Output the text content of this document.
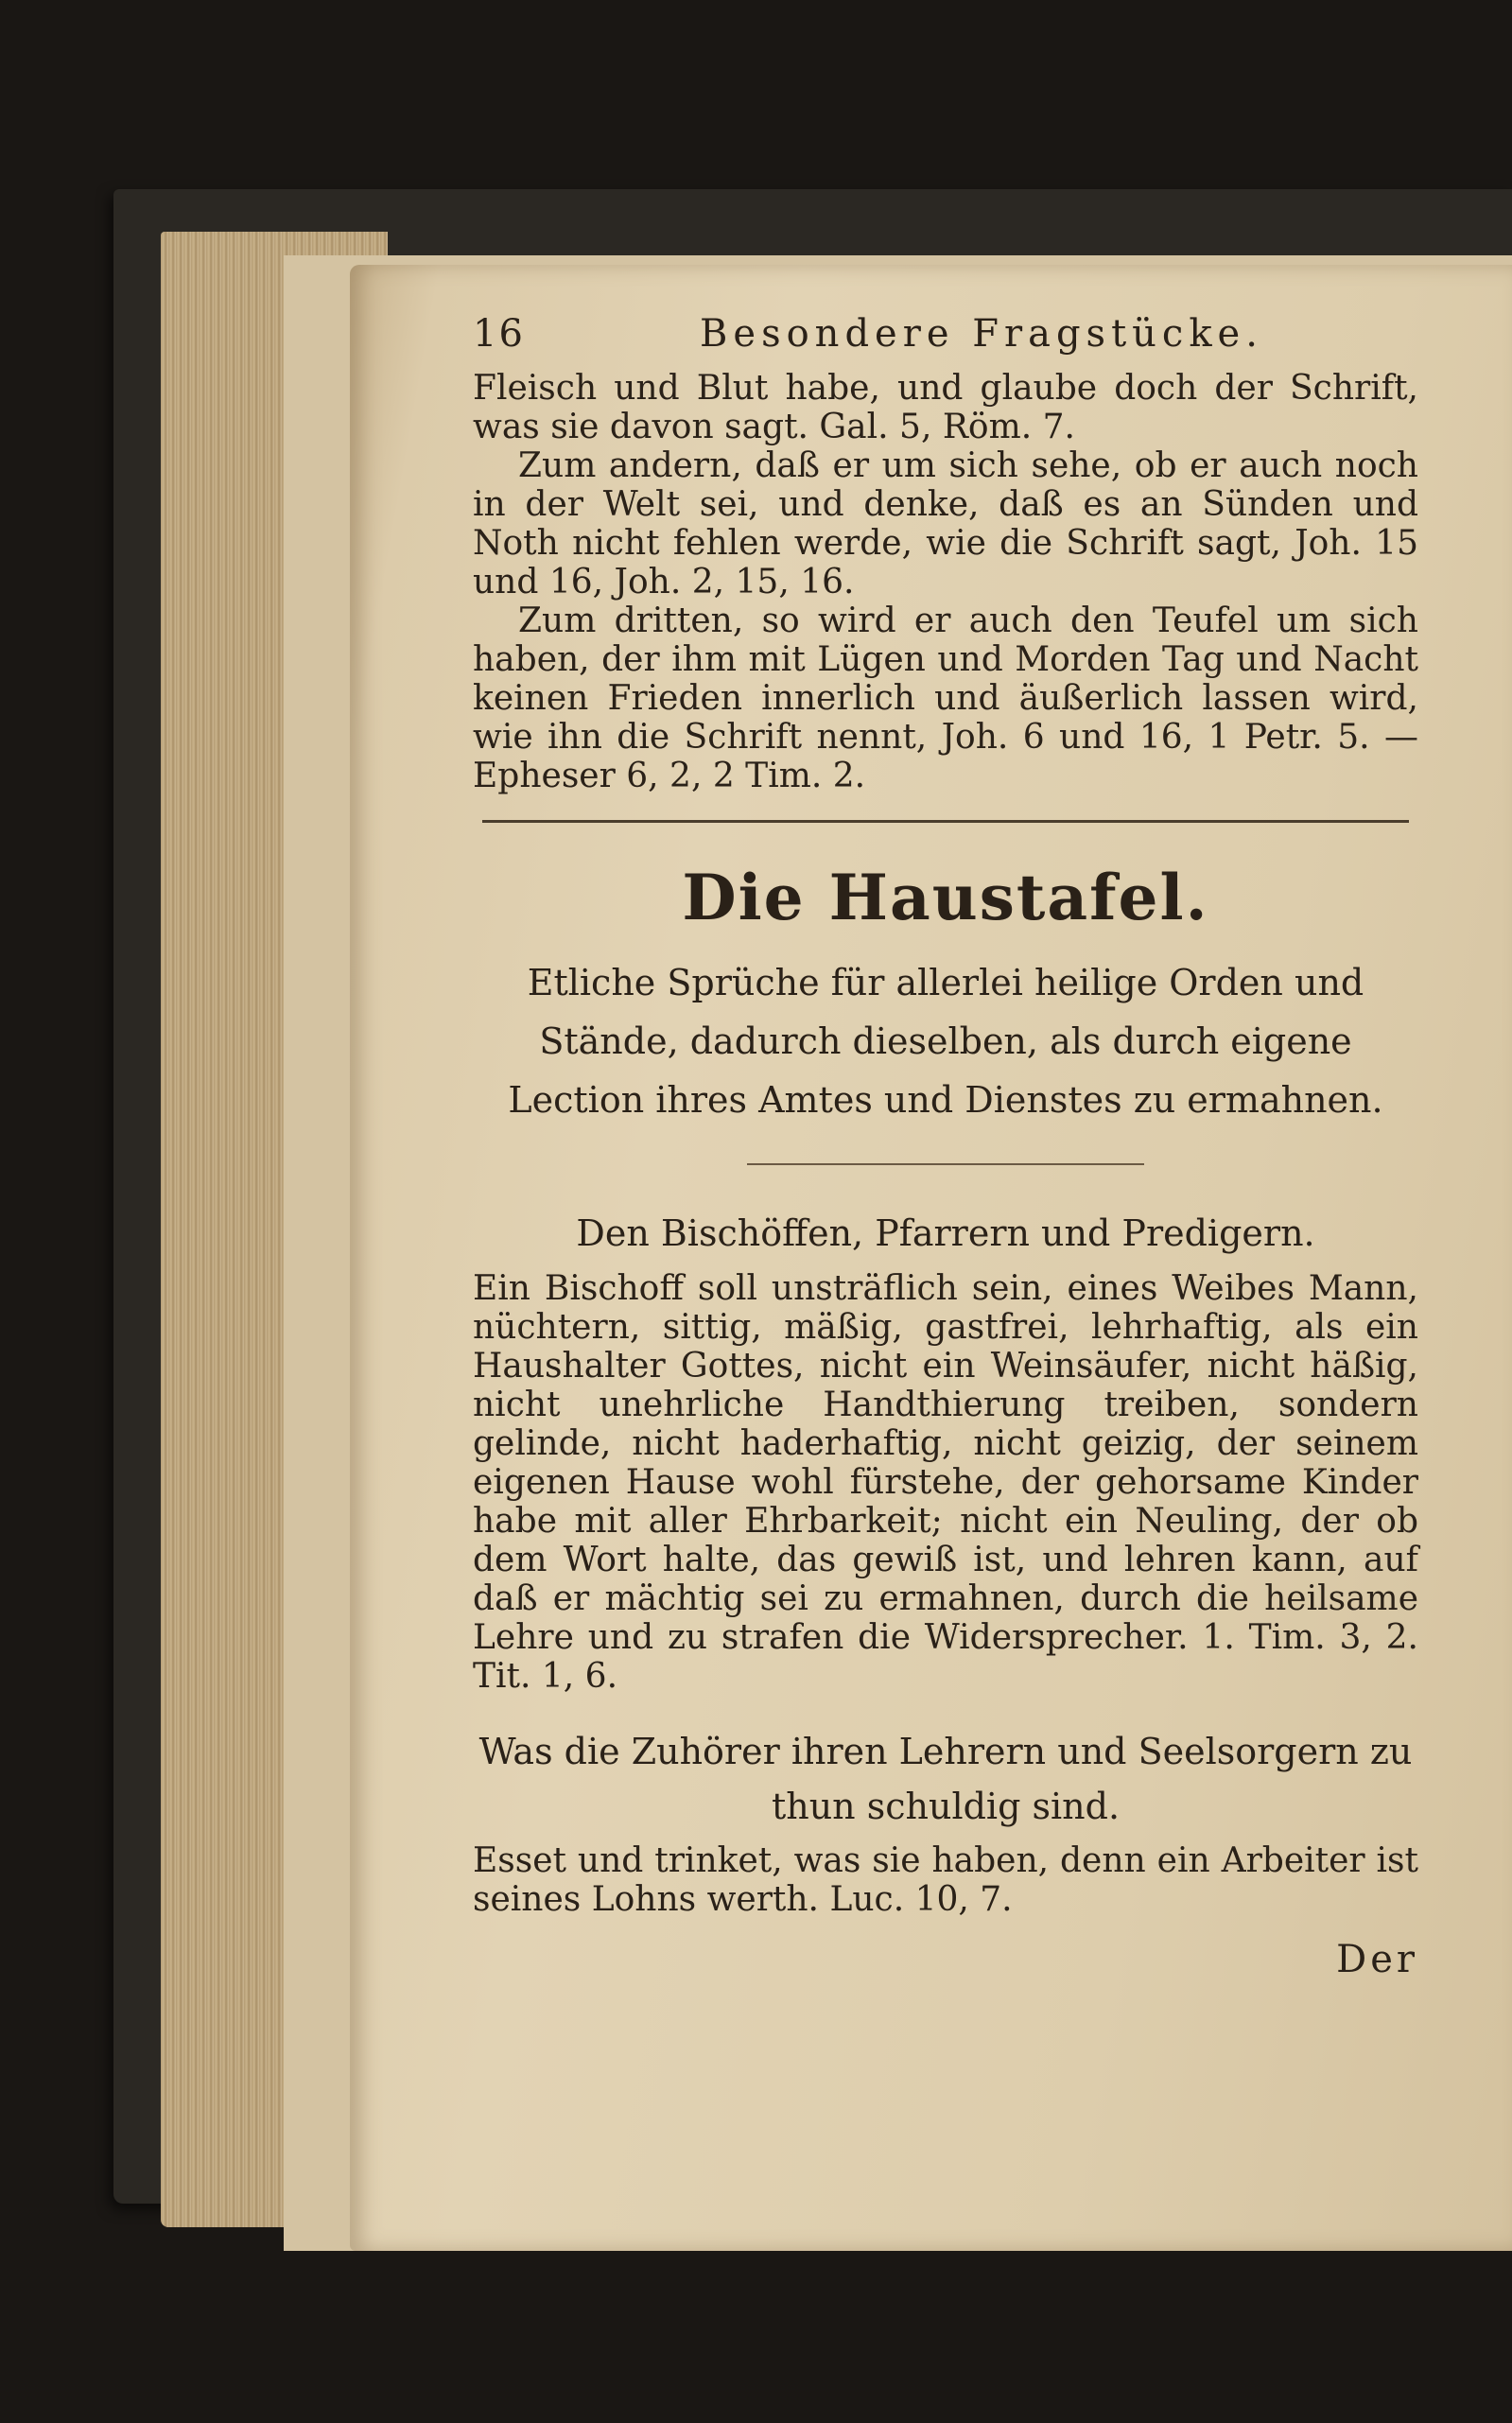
16	Besondere Fragstücke.

Fleisch und Blut habe, und glaube doch der Schrift, was sie davon sagt. Gal. 5, Röm. 7.

Zum andern, daß er um sich sehe, ob er auch noch in der Welt sei, und denke, daß es an Sünden und Noth nicht fehlen werde, wie die Schrift sagt, Joh. 15 und 16, Joh. 2, 15, 16.

Zum dritten, so wird er auch den Teufel um sich haben, der ihm mit Lügen und Morden Tag und Nacht keinen Frieden innerlich und äußerlich lassen wird, wie ihn die Schrift nennt, Joh. 6 und 16, 1 Petr. 5. — Epheser 6, 2, 2 Tim. 2.

Die Haustafel.
Etliche Sprüche für allerlei heilige Orden und Stände, dadurch dieselben, als durch eigene Lection ihres Amtes und Dienstes zu ermahnen.
Den Bischöffen, Pfarrern und Predigern.

Ein Bischoff soll unsträflich sein, eines Weibes Mann, nüchtern, sittig, mäßig, gastfrei, lehrhaftig, als ein Haushalter Gottes, nicht ein Weinsäufer, nicht häßig, nicht unehrliche Handthierung treiben, sondern gelinde, nicht haderhaftig, nicht geizig, der seinem eigenen Hause wohl fürstehe, der gehorsame Kinder habe mit aller Ehrbarkeit; nicht ein Neuling, der ob dem Wort halte, das gewiß ist, und lehren kann, auf daß er mächtig sei zu ermahnen, durch die heilsame Lehre und zu strafen die Widersprecher. 1. Tim. 3, 2. Tit. 1, 6.

Was die Zuhörer ihren Lehrern und Seelsorgern zu thun schuldig sind.

Esset und trinket, was sie haben, denn ein Arbeiter ist seines Lohns werth. Luc. 10, 7.

Der
